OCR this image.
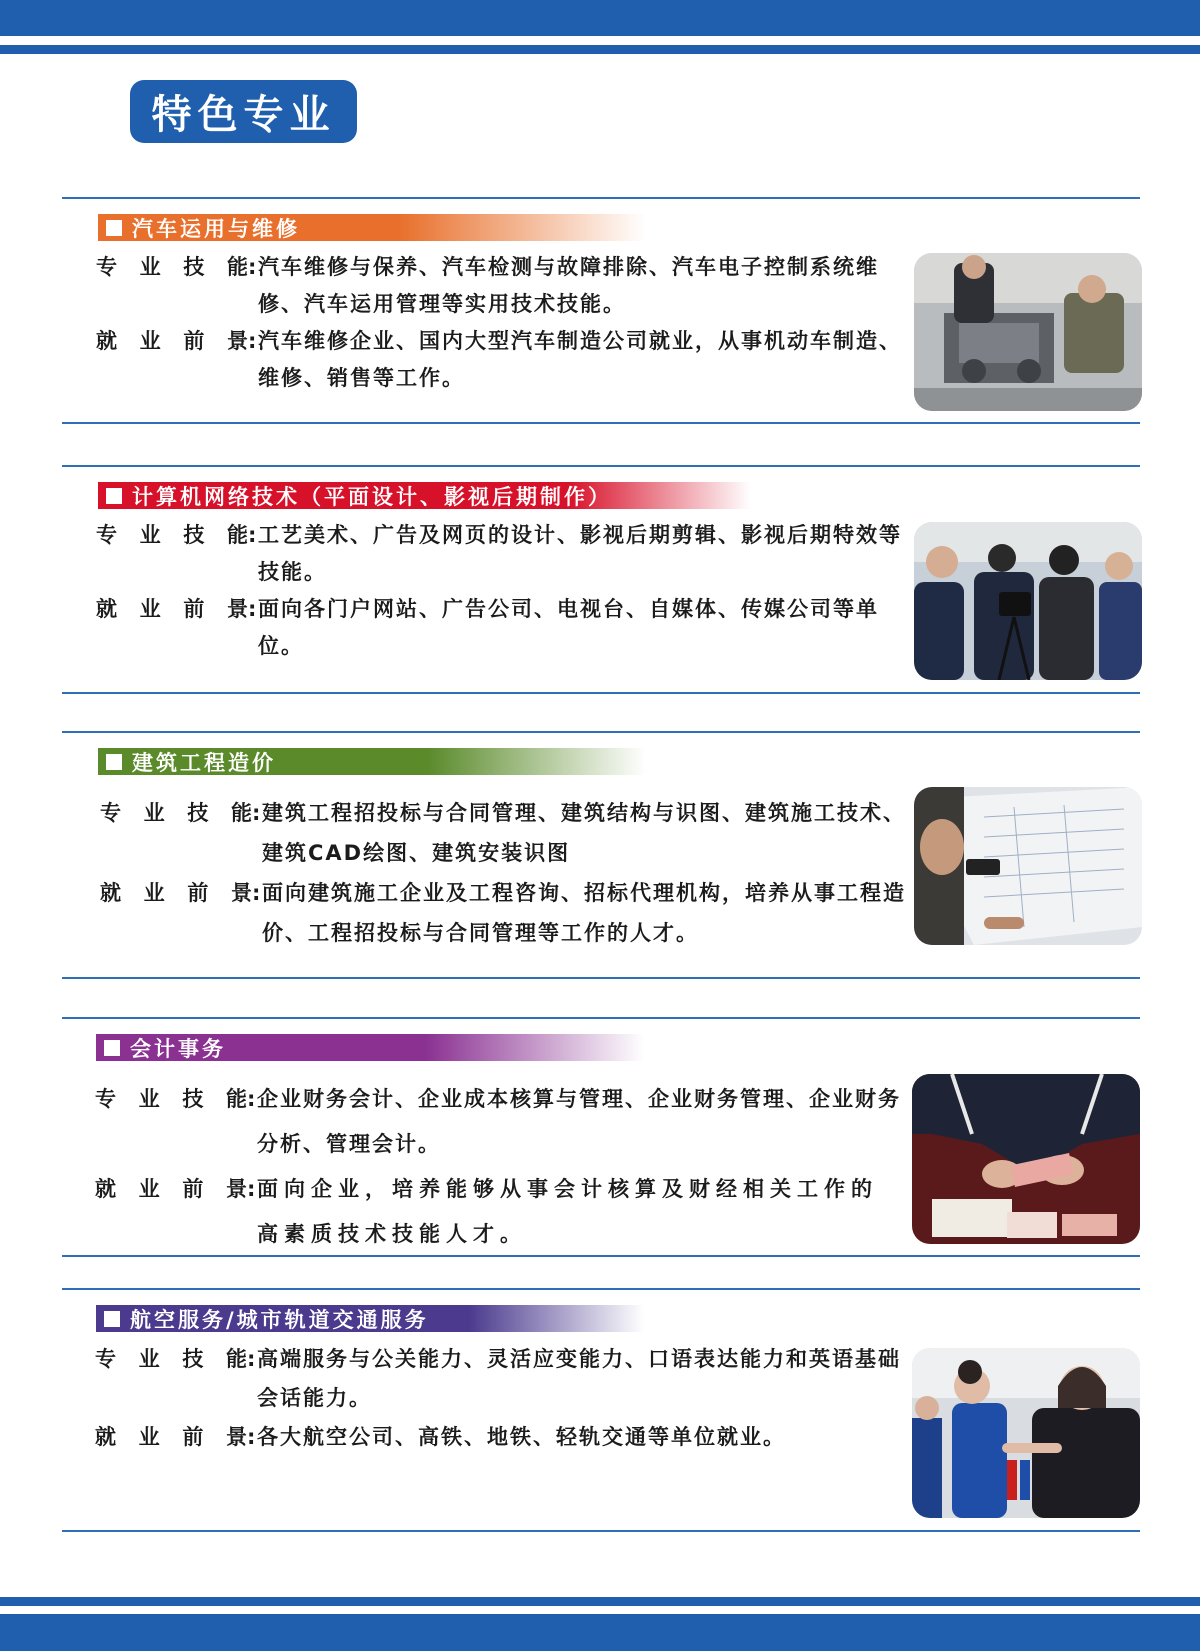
特色专业
汽车运用与维修
专 业 技 能 : 汽车维修与保养、汽车检测与故障排除、汽车电子控制系统维修、汽车运用管理等实用技术技能。
就 业 前 景 : 汽车维修企业、国内大型汽车制造公司就业，从事机动车制造、维修、销售等工作。
计算机网络技术（平面设计、影视后期制作）
专 业 技 能 : 工艺美术、广告及网页的设计、影视后期剪辑、影视后期特效等技能。
就 业 前 景 : 面向各门户网站、广告公司、电视台、自媒体、传媒公司等单位。
建筑工程造价
专 业 技 能 : 建筑工程招投标与合同管理、建筑结构与识图、建筑施工技术、建筑CAD绘图、建筑安装识图
就 业 前 景 : 面向建筑施工企业及工程咨询、招标代理机构，培养从事工程造价、工程招投标与合同管理等工作的人才。
会计事务
专 业 技 能 : 企业财务会计、企业成本核算与管理、企业财务管理、企业财务分析、管理会计。
就 业 前 景 : 面向企业，培养能够从事会计核算及财经相关工作的高素质技术技能人才。
航空服务/城市轨道交通服务
专 业 技 能 : 高端服务与公关能力、灵活应变能力、口语表达能力和英语基础会话能力。
就 业 前 景 : 各大航空公司、高铁、地铁、轻轨交通等单位就业。
